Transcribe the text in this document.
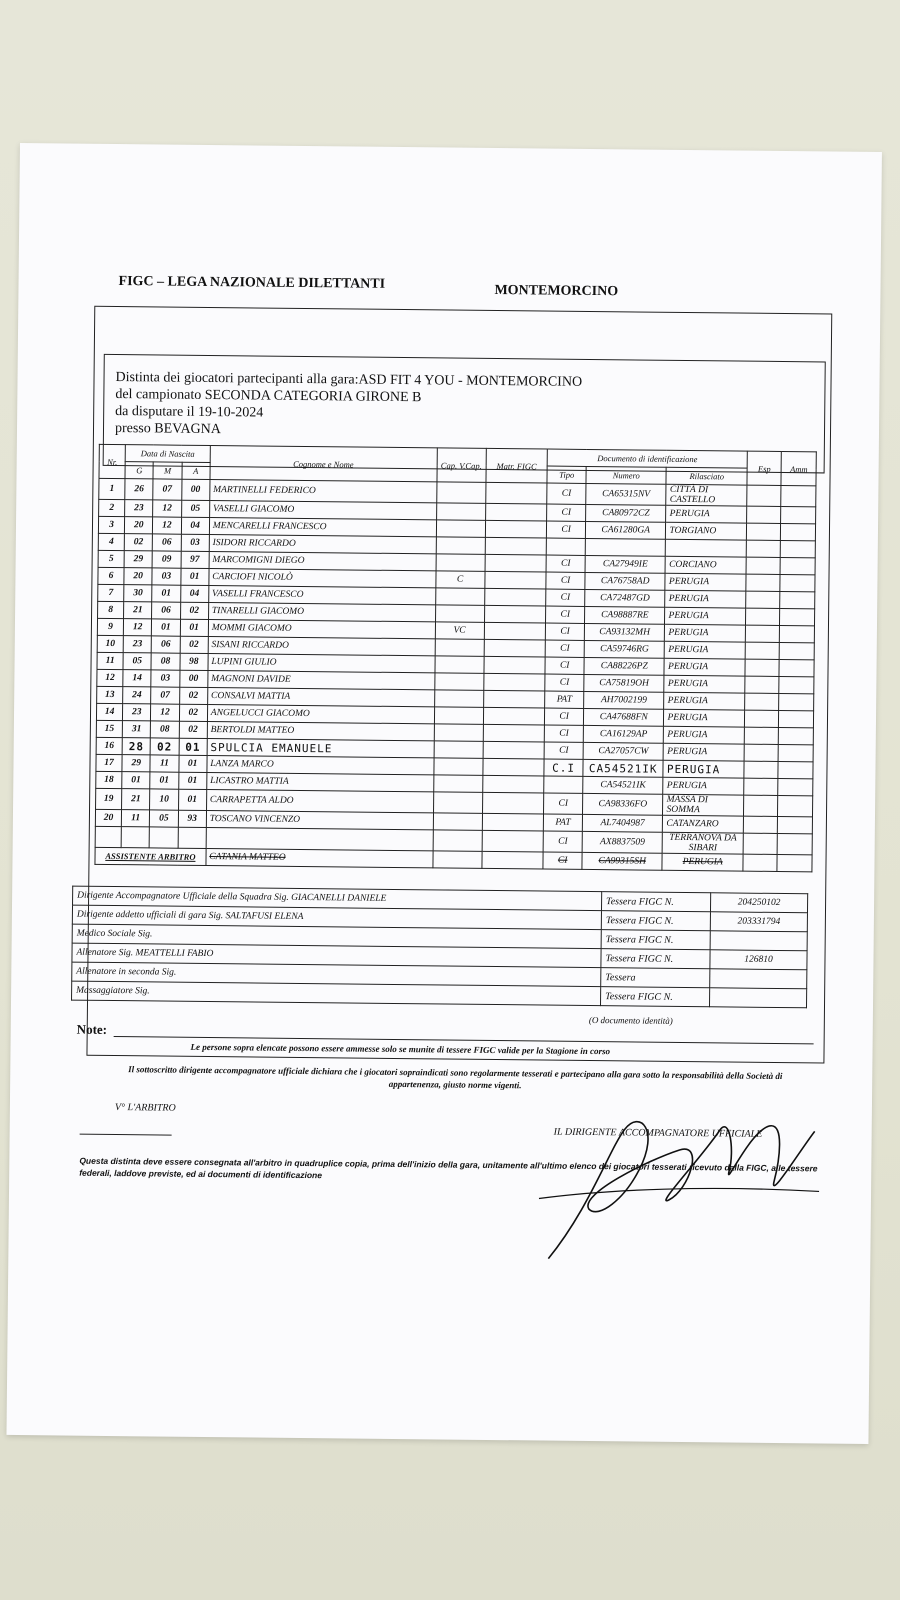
FIGC – LEGA NAZIONALE DILETTANTI	MONTEMORCINO
Distinta dei giocatori partecipanti alla gara:ASD FIT 4 YOU - MONTEMORCINO
del campionato SECONDA CATEGORIA GIRONE B
da disputare il 19-10-2024
presso BEVAGNA
Nr.	Data di Nascita			Cognome e Nome	Cap. V.Cap.	Matr. FIGC	Documento di identificazione			Esp	Amm
	G	M	A				Tipo	Numero	Rilasciato		
1	26	07	00	MARTINELLI FEDERICO			CI	CA65315NV	CITTÀ DI CASTELLO		
2	23	12	05	VASELLI GIACOMO			CI	CA80972CZ	PERUGIA		
3	20	12	04	MENCARELLI FRANCESCO			CI	CA61280GA	TORGIANO		
4	02	06	03	ISIDORI RICCARDO							
5	29	09	97	MARCOMIGNI DIEGO			CI	CA27949IE	CORCIANO		
6	20	03	01	CARCIOFI NICOLÒ	C		CI	CA76758AD	PERUGIA		
7	30	01	04	VASELLI FRANCESCO			CI	CA72487GD	PERUGIA		
8	21	06	02	TINARELLI GIACOMO			CI	CA98887RE	PERUGIA		
9	12	01	01	MOMMI GIACOMO	VC		CI	CA93132MH	PERUGIA		
10	23	06	02	SISANI RICCARDO			CI	CA59746RG	PERUGIA		
11	05	08	98	LUPINI GIULIO			CI	CA88226PZ	PERUGIA		
12	14	03	00	MAGNONI DAVIDE			CI	CA75819OH	PERUGIA		
13	24	07	02	CONSALVI MATTIA			PAT	AH7002199	PERUGIA		
14	23	12	02	ANGELUCCI GIACOMO			CI	CA47688FN	PERUGIA		
15	31	08	02	BERTOLDI MATTEO			CI	CA16129AP	PERUGIA		
16	28	02	01	SPULCIA EMANUELE			CI	CA27057CW	PERUGIA		
17	29	11	01	LANZA MARCO			C.I	CA54521IK	PERUGIA		
18	01	01	01	LICASTRO MATTIA				CA54521IK	PERUGIA		
19	21	10	01	CARRAPETTA ALDO			CI	CA98336FO	MASSA DI SOMMA		
20	11	05	93	TOSCANO VINCENZO			PAT	AL7404987	CATANZARO		
							CI	AX8837509	TERRANOVA DA SIBARI		
ASSISTENTE ARBITRO				CATANIA MATTEO			CI	CA99315SH	PERUGIA		
Dirigente Accompagnatore Ufficiale della Squadra Sig. GIACANELLI DANIELE	Tessera FIGC N.	204250102
Dirigente addetto ufficiali di gara Sig. SALTAFUSI ELENA	Tessera FIGC N.	203331794
Medico Sociale Sig.	Tessera FIGC N.	
Allenatore Sig. MEATTELLI FABIO	Tessera FIGC N.	126810
Allenatore in seconda Sig.	Tessera	
Massaggiatore Sig.	Tessera FIGC N.	
(O documento identità)
Note:
Le persone sopra elencate possono essere ammesse solo se munite di tessere FIGC valide per la Stagione in corso
Il sottoscritto dirigente accompagnatore ufficiale dichiara che i giocatori sopraindicati sono regolarmente tesserati e partecipano alla gara sotto la responsabilità della Società di appartenenza, giusto norme vigenti.
V° L'ARBITRO
IL DIRIGENTE ACCOMPAGNATORE UFFICIALE
Questa distinta deve essere consegnata all'arbitro in quadruplice copia, prima dell'inizio della gara, unitamente all'ultimo elenco dei giocatori tesserati ricevuto dalla FIGC, alle tessere federali, laddove previste, ed ai documenti di identificazione
